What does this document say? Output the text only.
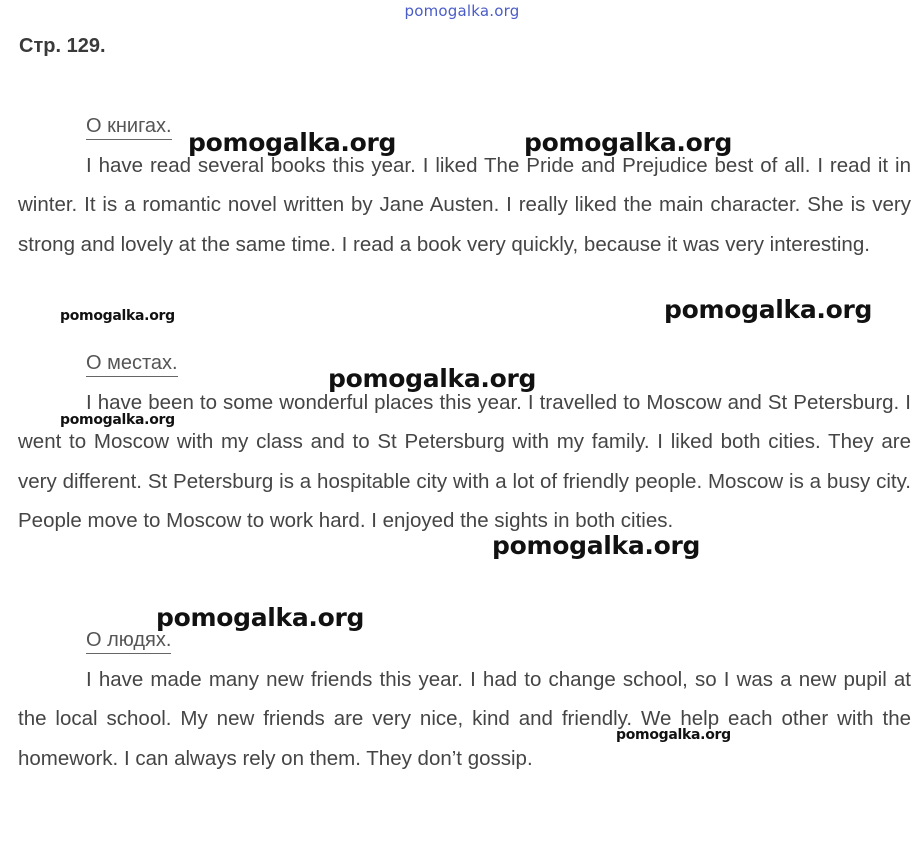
pomogalka.org
Стр. 129.
О книгах.

I have read several books this year. I liked The Pride and Prejudice best of all. I read it in winter. It is a romantic novel written by Jane Austen. I really liked the main character. She is very strong and lovely at the same time. I read a book very quickly, because it was very interesting.

О местах.

I have been to some wonderful places this year. I travelled to Moscow and St Petersburg. I went to Moscow with my class and to St Petersburg with my family. I liked both cities. They are very different. St Petersburg is a hospitable city with a lot of friendly people. Moscow is a busy city. People move to Moscow to work hard. I enjoyed the sights in both cities.

О людях.

I have made many new friends this year. I had to change school, so I was a new pupil at the local school. My new friends are very nice, kind and friendly. We help each other with the homework. I can always rely on them. They don’t gossip.

pomogalka.org	pomogalka.org
pomogalka.org	pomogalka.org
pomogalka.org
pomogalka.org
pomogalka.org
pomogalka.org
pomogalka.org
